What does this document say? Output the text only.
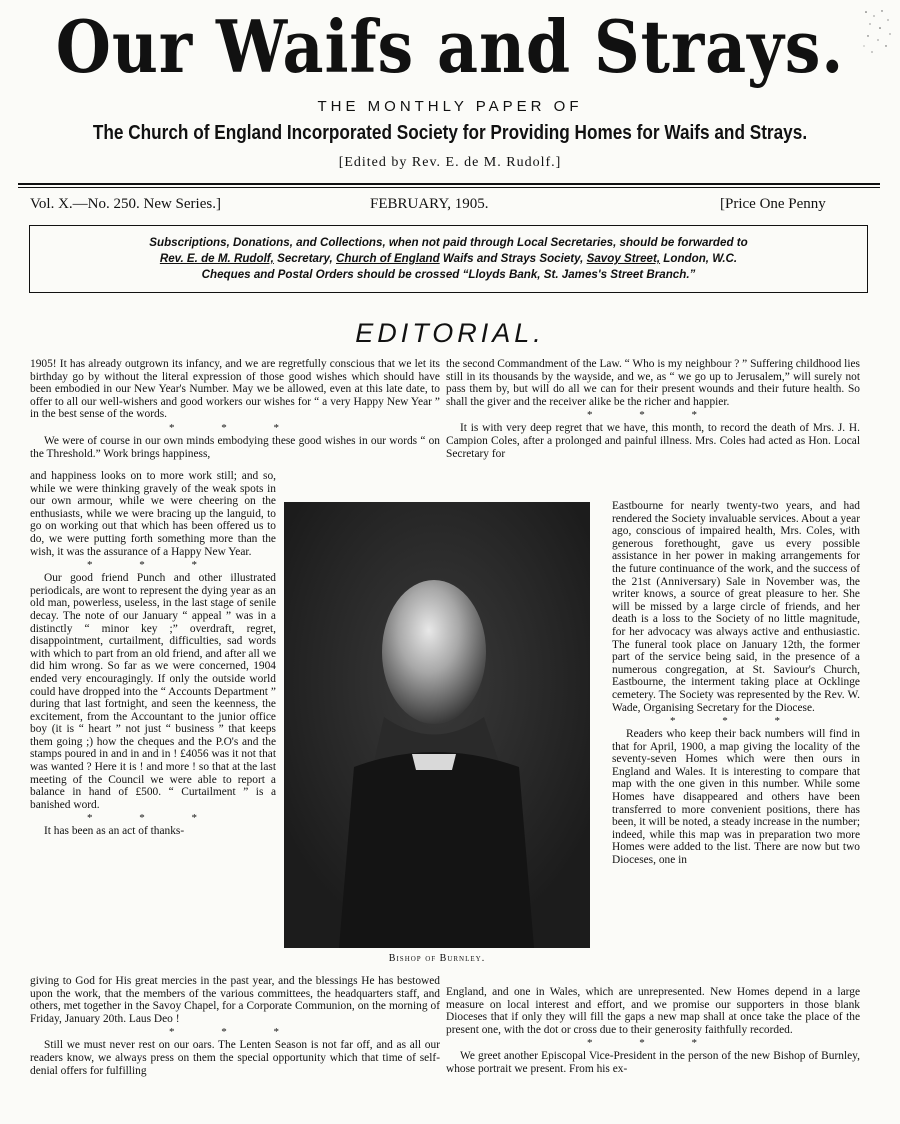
Our Waifs and Strays.
THE MONTHLY PAPER OF
The Church of England Incorporated Society for Providing Homes for Waifs and Strays.
[Edited by Rev. E. de M. Rudolf.]
Vol. X.—No. 250. New Series.]	FEBRUARY, 1905.	[Price One Penny
Subscriptions, Donations, and Collections, when not paid through Local Secretaries, should be forwarded to
Rev. E. de M. Rudolf, Secretary, Church of England Waifs and Strays Society, Savoy Street, London, W.C.
Cheques and Postal Orders should be crossed “Lloyds Bank, St. James's Street Branch.”
EDITORIAL.

1905! It has already outgrown its infancy, and we are regretfully conscious that we let its birthday go by without the literal expression of those good wishes which should have been embodied in our New Year's Number. May we be allowed, even at this late date, to offer to all our well-wishers and good workers our wishes for “ a very Happy New Year ” in the best sense of the words.

* * *

We were of course in our own minds embodying these good wishes in our words “ on the Threshold.” Work brings happiness,

and happiness looks on to more work still; and so, while we were thinking gravely of the weak spots in our own armour, while we were cheering on the enthusiasts, while we were bracing up the languid, to go on working out that which has been offered us to do, we were putting forth something more than the wish, it was the assurance of a Happy New Year.

* * *

Our good friend Punch and other illustrated periodicals, are wont to represent the dying year as an old man, powerless, useless, in the last stage of senile decay. The note of our January “ appeal ” was in a distinctly “ minor key ;” overdraft, regret, disappointment, curtailment, difficulties, sad words with which to part from an old friend, and after all we did him wrong. So far as we were concerned, 1904 ended very encouragingly. If only the outside world could have dropped into the “ Accounts Department ” during that last fortnight, and seen the keenness, the excitement, from the Accountant to the junior office boy (it is “ heart ” not just “ business ” that keeps them going ;) how the cheques and the P.O's and the stamps poured in and in and in ! £4056 was it not that was wanted ? Here it is ! and more ! so that at the last meeting of the Council we were able to report a balance in hand of £500. “ Curtailment ” is a banished word.

* * *

It has been as an act of thanks-

giving to God for His great mercies in the past year, and the blessings He has bestowed upon the work, that the members of the various committees, the headquarters staff, and others, met together in the Savoy Chapel, for a Corporate Communion, on the morning of Friday, January 20th. Laus Deo !

* * *

Still we must never rest on our oars. The Lenten Season is not far off, and as all our readers know, we always press on them the special opportunity which that time of self-denial offers for fulfilling

the second Commandment of the Law. “ Who is my neighbour ? ” Suffering childhood lies still in its thousands by the wayside, and we, as “ we go up to Jerusalem,” will surely not pass them by, but will do all we can for their present wounds and their future health. So shall the giver and the receiver alike be the richer and happier.

* * *

It is with very deep regret that we have, this month, to record the death of Mrs. J. H. Campion Coles, after a prolonged and painful illness. Mrs. Coles had acted as Hon. Local Secretary for

Eastbourne for nearly twenty-two years, and had rendered the Society invaluable services. About a year ago, conscious of impaired health, Mrs. Coles, with generous forethought, gave us every possible assistance in her power in making arrangements for the future continuance of the work, and the success of the 21st (Anniversary) Sale in November was, the writer knows, a source of great pleasure to her. She will be missed by a large circle of friends, and her death is a loss to the Society of no little magnitude, for her advocacy was always active and enthusiastic. The funeral took place on January 12th, the former part of the service being said, in the presence of a numerous congregation, at St. Saviour's Church, Eastbourne, the interment taking place at Ocklinge cemetery. The Society was represented by the Rev. W. Wade, Organising Secretary for the Diocese.

* * *

Readers who keep their back numbers will find in that for April, 1900, a map giving the locality of the seventy-seven Homes which were then ours in England and Wales. It is interesting to compare that map with the one given in this number. While some Homes have disappeared and others have been transferred to more convenient positions, there has been, it will be noted, a steady increase in the number; indeed, while this map was in preparation two more Homes were added to the list. There are now but two Dioceses, one in

England, and one in Wales, which are unrepresented. New Homes depend in a large measure on local interest and effort, and we promise our supporters in those blank Dioceses that if only they will fill the gaps a new map shall at once take the place of the present one, with the dot or cross due to their generosity faithfully recorded.

* * *

We greet another Episcopal Vice-President in the person of the new Bishop of Burnley, whose portrait we present. From his ex-

Bishop of Burnley.
